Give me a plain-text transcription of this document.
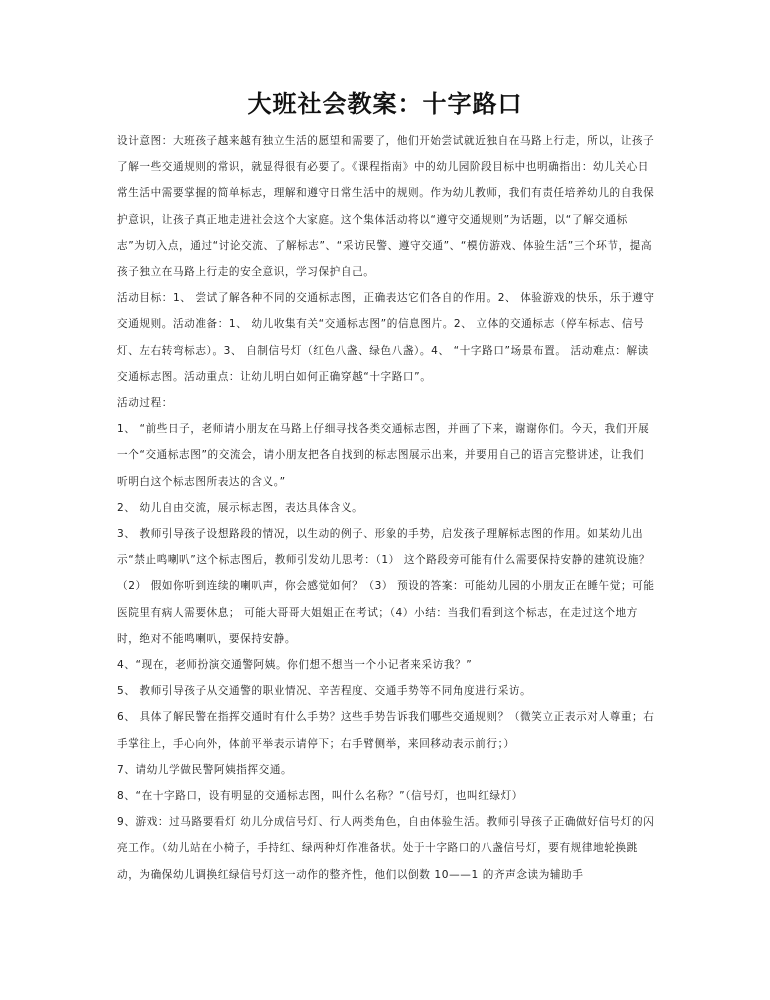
大班社会教案：十字路口

设计意图：大班孩子越来越有独立生活的愿望和需要了，他们开始尝试就近独自在马路上行走，所以，让孩子了解一些交通规则的常识，就显得很有必要了。《课程指南》中的幼儿园阶段目标中也明确指出：幼儿关心日常生活中需要掌握的简单标志，理解和遵守日常生活中的规则。作为幼儿教师，我们有责任培养幼儿的自我保护意识，让孩子真正地走进社会这个大家庭。这个集体活动将以“遵守交通规则”为话题，以“了解交通标志”为切入点，通过“讨论交流、了解标志”、“采访民警、遵守交通”、“模仿游戏、体验生活”三个环节，提高孩子独立在马路上行走的安全意识，学习保护自己。

活动目标：1、 尝试了解各种不同的交通标志图，正确表达它们各自的作用。2、 体验游戏的快乐，乐于遵守交通规则。活动准备：1、 幼儿收集有关“交通标志图”的信息图片。2、 立体的交通标志（停车标志、信号灯、左右转弯标志）。3、 自制信号灯（红色八盏、绿色八盏）。4、 “十字路口”场景布置。 活动难点：解读交通标志图。活动重点：让幼儿明白如何正确穿越“十字路口”。

活动过程：

1、 “前些日子，老师请小朋友在马路上仔细寻找各类交通标志图，并画了下来，谢谢你们。今天，我们开展一个“交通标志图”的交流会，请小朋友把各自找到的标志图展示出来，并要用自己的语言完整讲述，让我们听明白这个标志图所表达的含义。”

2、 幼儿自由交流，展示标志图，表达具体含义。

3、 教师引导孩子设想路段的情况，以生动的例子、形象的手势，启发孩子理解标志图的作用。如某幼儿出示“禁止鸣喇叭”这个标志图后，教师引发幼儿思考：（1） 这个路段旁可能有什么需要保持安静的建筑设施？（2） 假如你听到连续的喇叭声，你会感觉如何？（3） 预设的答案：可能幼儿园的小朋友正在睡午觉；可能医院里有病人需要休息； 可能大哥哥大姐姐正在考试；（4）小结：当我们看到这个标志，在走过这个地方时，绝对不能鸣喇叭，要保持安静。

4、“现在，老师扮演交通警阿姨。你们想不想当一个小记者来采访我？”

5、 教师引导孩子从交通警的职业情况、辛苦程度、交通手势等不同角度进行采访。

6、 具体了解民警在指挥交通时有什么手势？这些手势告诉我们哪些交通规则？（微笑立正表示对人尊重；右手掌往上，手心向外，体前平举表示请停下；右手臂侧举，来回移动表示前行；）

7、请幼儿学做民警阿姨指挥交通。

8、“在十字路口，设有明显的交通标志图，叫什么名称？”（信号灯，也叫红绿灯）

9、游戏：过马路要看灯 幼儿分成信号灯、行人两类角色，自由体验生活。教师引导孩子正确做好信号灯的闪亮工作。（幼儿站在小椅子，手持红、绿两种灯作准备状。处于十字路口的八盏信号灯，要有规律地轮换跳动，为确保幼儿调换红绿信号灯这一动作的整齐性，他们以倒数 10——1 的齐声念读为辅助手
